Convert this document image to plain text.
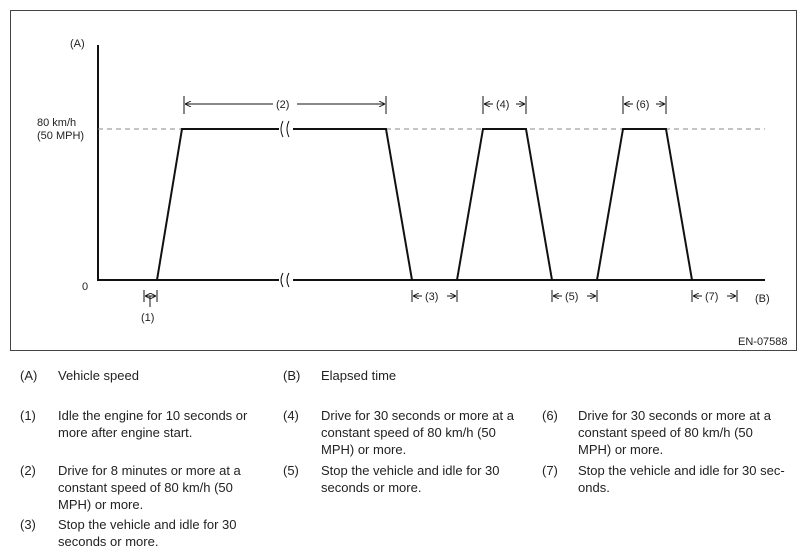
(A)
80 km/h
(50 MPH)
0
(B)
(2)	(4)	(6)
(1)
(3)	(5)	(7)
EN-07588
(A) Vehicle speed	(B) Elapsed time
(1) Idle the engine for 10 seconds or
more after engine start.
(2) Drive for 8 minutes or more at a
constant speed of 80 km/h (50
MPH) or more.
(3) Stop the vehicle and idle for 30
seconds or more.
(4) Drive for 30 seconds or more at a
constant speed of 80 km/h (50
MPH) or more.
(5) Stop the vehicle and idle for 30
seconds or more.
(6) Drive for 30 seconds or more at a
constant speed of 80 km/h (50
MPH) or more.
(7) Stop the vehicle and idle for 30 sec-
onds.
